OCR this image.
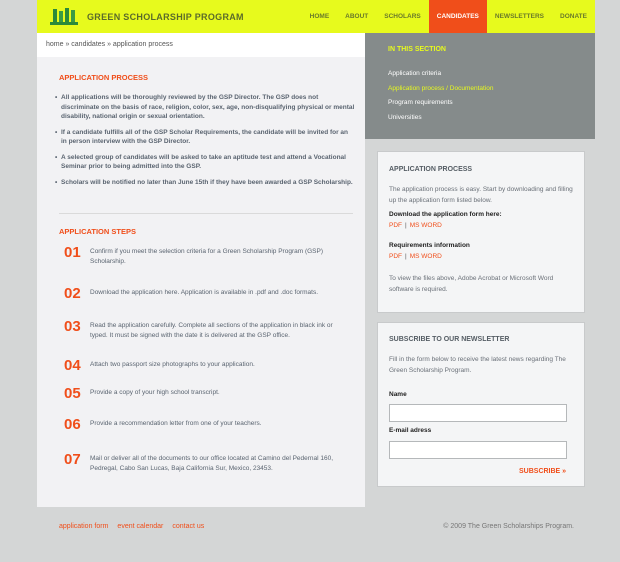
GREEN SCHOLARSHIP PROGRAM	HOME	ABOUT	SCHOLARS	CANDIDATES	NEWSLETTERS	DONATE
home » candidates » application process
APPLICATION PROCESS
• All applications will be thoroughly reviewed by the GSP Director. The GSP does not discriminate on the basis of race, religion, color, sex, age, non-disqualifying physical or mental disability, national origin or sexual orientation.
• If a candidate fulfills all of the GSP Scholar Requirements, the candidate will be invited for an in person interview with the GSP Director.
• A selected group of candidates will be asked to take an aptitude test and attend a Vocational Seminar prior to being admitted into the GSP.
• Scholars will be notified no later than June 15th if they have been awarded a GSP Scholarship.
APPLICATION STEPS
01 Confirm if you meet the selection criteria for a Green Scholarship Program (GSP) Scholarship.
02 Download the application here. Application is available in .pdf and .doc formats.
03 Read the application carefully. Complete all sections of the application in black ink or typed. It must be signed with the date it is delivered at the GSP office.
04 Attach two passport size photographs to your application.
05 Provide a copy of your high school transcript.
06 Provide a recommendation letter from one of your teachers.
07 Mail or deliver all of the documents to our office located at Camino del Pedernal 160, Pedregal, Cabo San Lucas, Baja California Sur, Mexico, 23453.
IN THIS SECTION
Application criteria
Application process / Documentation
Program requirements
Universities
APPLICATION PROCESS
The application process is easy. Start by downloading and filling up the application form listed below.
Download the application form here:
PDF | MS WORD
Requirements information
PDF | MS WORD
To view the files above, Adobe Acrobat or Microsoft Word software is required.
SUBSCRIBE TO OUR NEWSLETTER
Fill in the form below to receive the latest news regarding The Green Scholarship Program.
Name
E-mail adress
SUBSCRIBE »
application form event calendar contact us	© 2009 The Green Scholarships Program.
